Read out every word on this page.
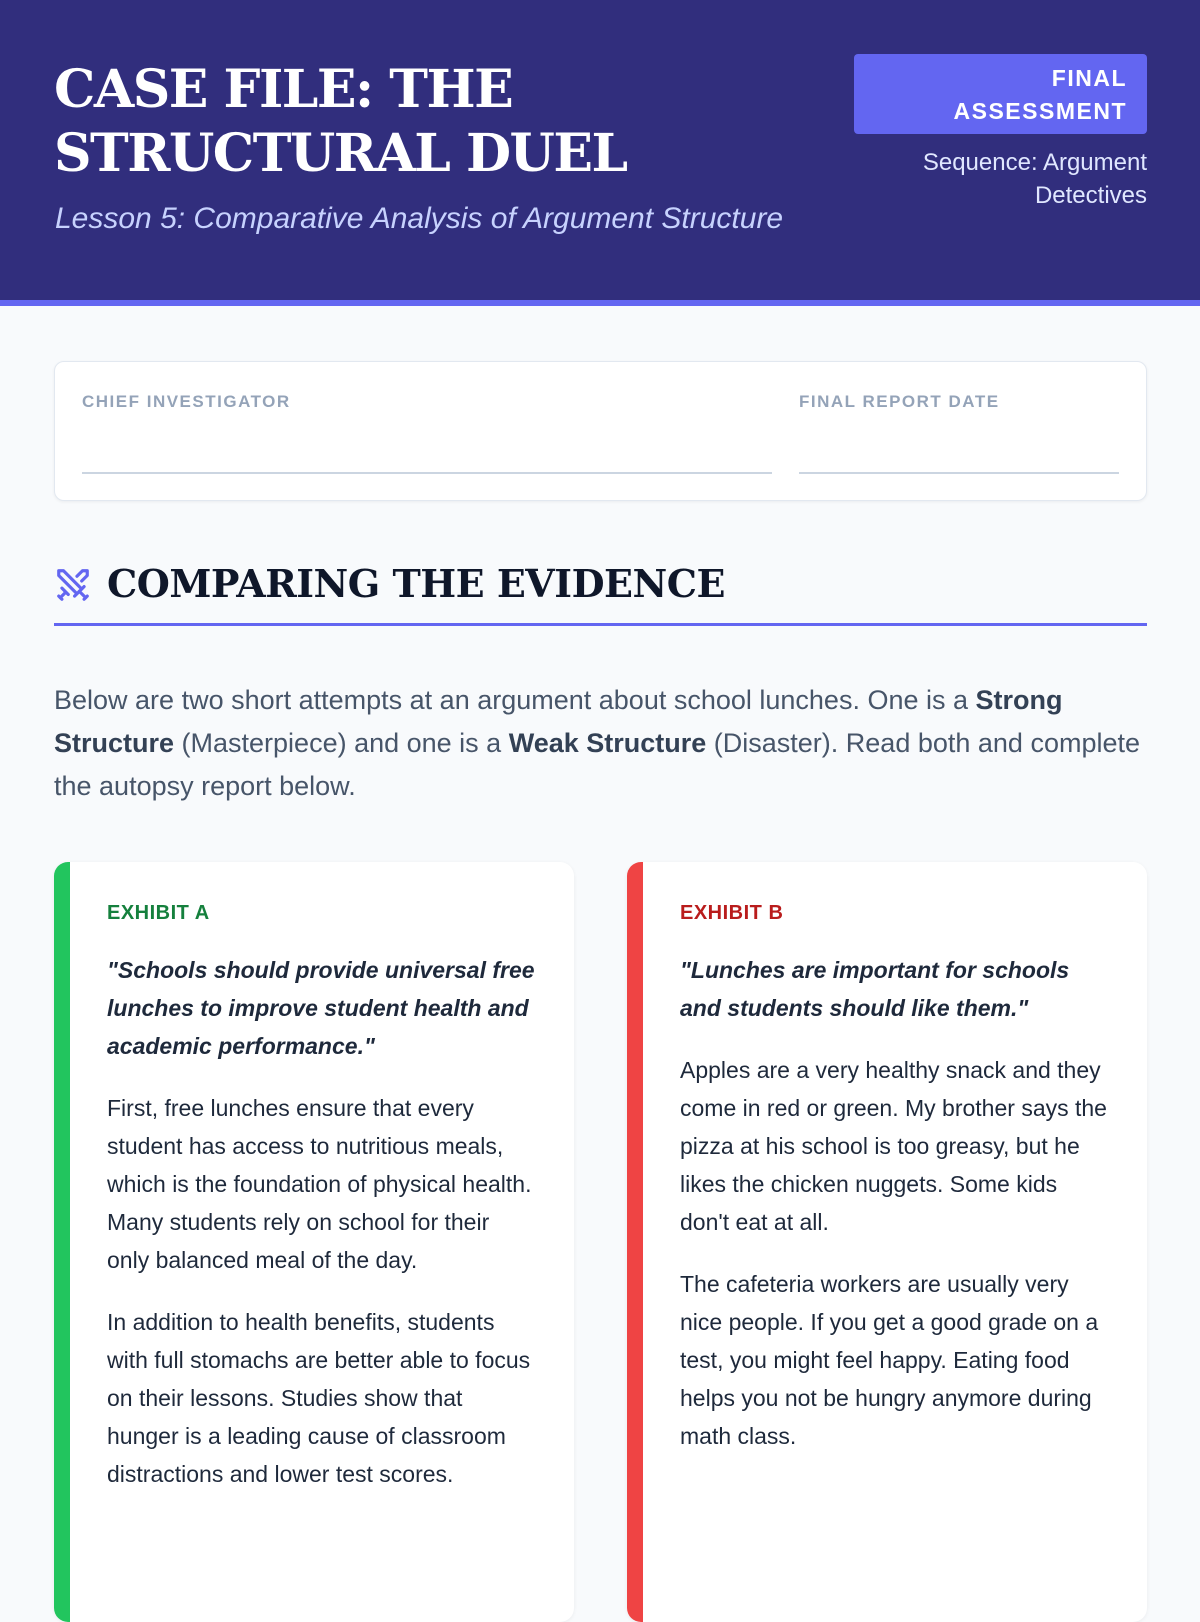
CASE FILE: THE STRUCTURAL DUEL
Lesson 5: Comparative Analysis of Argument Structure
FINAL ASSESSMENT
Sequence: Argument Detectives
CHIEF INVESTIGATOR	FINAL REPORT DATE
COMPARING THE EVIDENCE
Below are two short attempts at an argument about school lunches. One is a Strong Structure (Masterpiece) and one is a Weak Structure (Disaster). Read both and complete the autopsy report below.
EXHIBIT A
"Schools should provide universal free lunches to improve student health and academic performance."

First, free lunches ensure that every student has access to nutritious meals, which is the foundation of physical health. Many students rely on school for their only balanced meal of the day.

In addition to health benefits, students with full stomachs are better able to focus on their lessons. Studies show that hunger is a leading cause of classroom distractions and lower test scores.

EXHIBIT B
"Lunches are important for schools and students should like them."

Apples are a very healthy snack and they come in red or green. My brother says the pizza at his school is too greasy, but he likes the chicken nuggets. Some kids don't eat at all.

The cafeteria workers are usually very nice people. If you get a good grade on a test, you might feel happy. Eating food helps you not be hungry anymore during math class.
